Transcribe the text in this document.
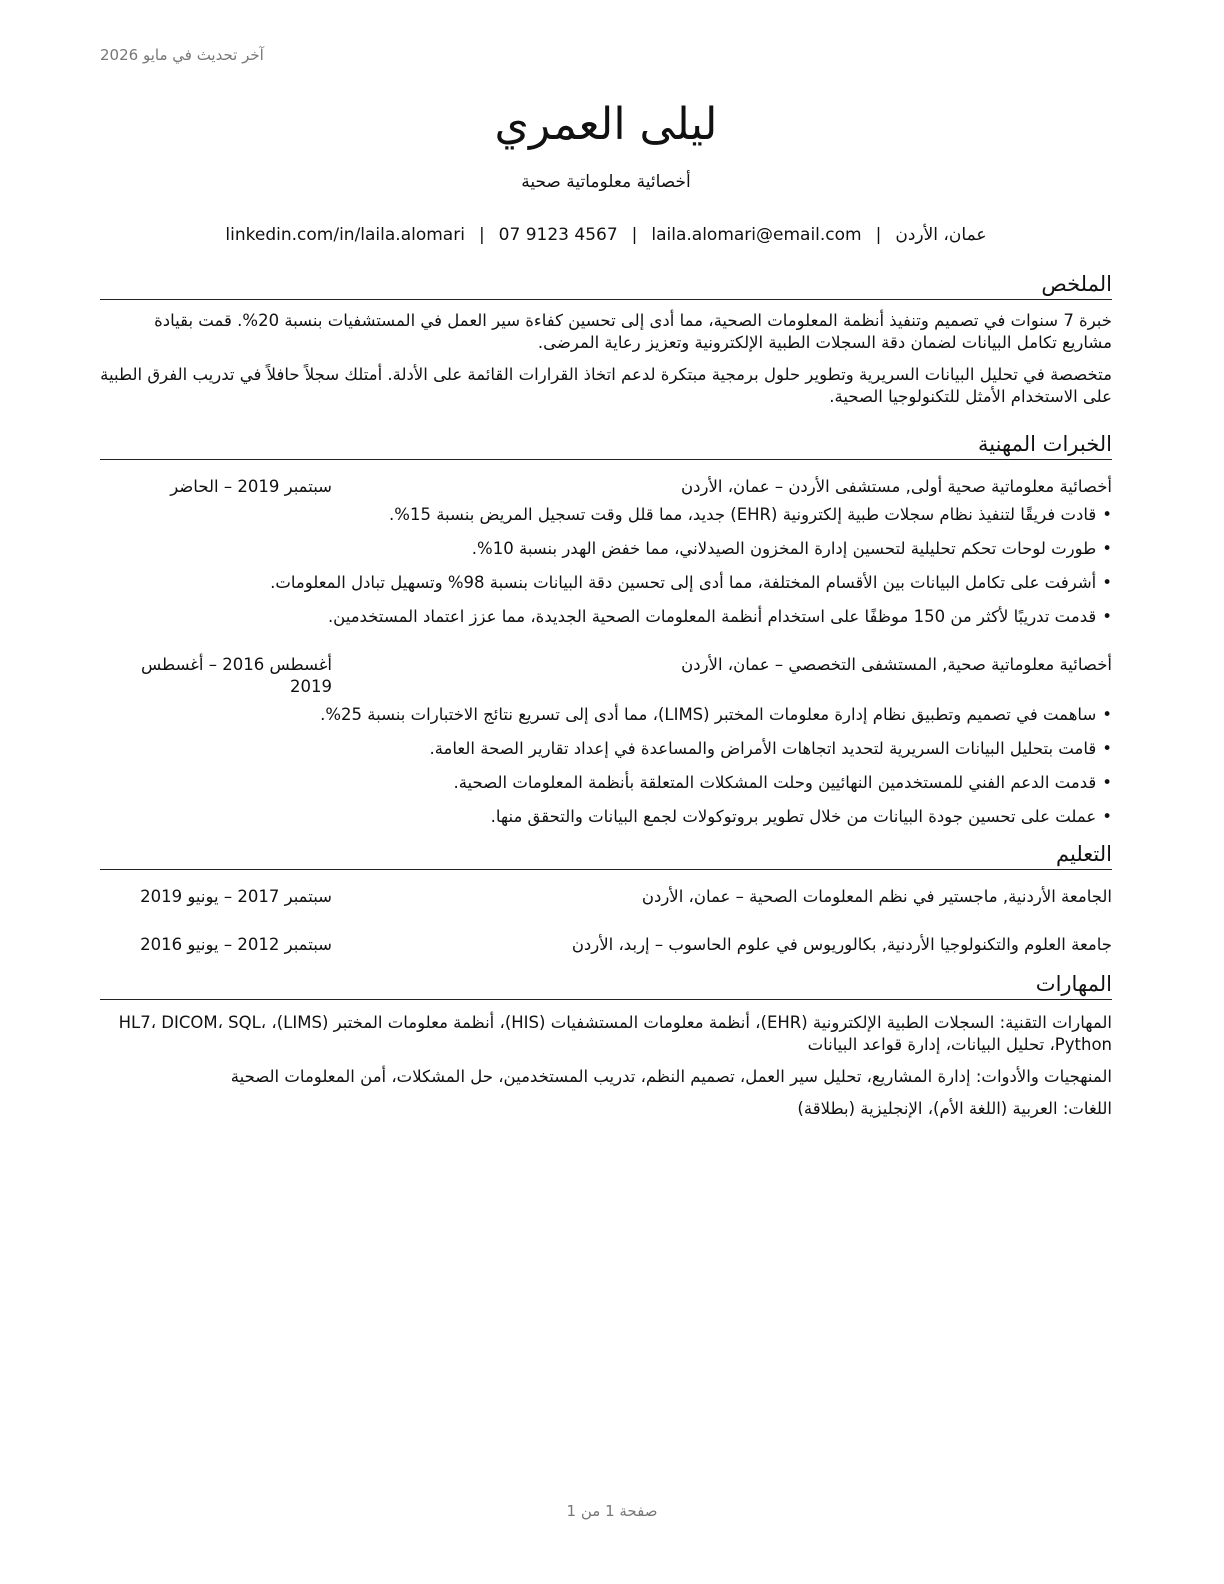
آخر تحديث في مايو 2026
ليلى العمري
أخصائية معلوماتية صحية
عمان، الأردن|laila.alomari@email.com|07 9123 4567|linkedin.com/in/laila.alomari
الملخص

خبرة 7 سنوات في تصميم وتنفيذ أنظمة المعلومات الصحية، مما أدى إلى تحسين كفاءة سير العمل في المستشفيات بنسبة 20%. قمت بقيادة مشاريع تكامل البيانات لضمان دقة السجلات الطبية الإلكترونية وتعزيز رعاية المرضى.

متخصصة في تحليل البيانات السريرية وتطوير حلول برمجية مبتكرة لدعم اتخاذ القرارات القائمة على الأدلة. أمتلك سجلاً حافلاً في تدريب الفرق الطبية على الاستخدام الأمثل للتكنولوجيا الصحية.

الخبرات المهنية
أخصائية معلوماتية صحية أولى, مستشفى الأردن – عمان، الأردن
سبتمبر 2019 – الحاضر
•قادت فريقًا لتنفيذ نظام سجلات طبية إلكترونية (EHR) جديد، مما قلل وقت تسجيل المريض بنسبة 15%.
•طورت لوحات تحكم تحليلية لتحسين إدارة المخزون الصيدلاني، مما خفض الهدر بنسبة 10%.
•أشرفت على تكامل البيانات بين الأقسام المختلفة، مما أدى إلى تحسين دقة البيانات بنسبة 98% وتسهيل تبادل المعلومات.
•قدمت تدريبًا لأكثر من 150 موظفًا على استخدام أنظمة المعلومات الصحية الجديدة، مما عزز اعتماد المستخدمين.
أخصائية معلوماتية صحية, المستشفى التخصصي – عمان، الأردن
أغسطس 2016 – أغسطس 2019
•ساهمت في تصميم وتطبيق نظام إدارة معلومات المختبر (LIMS)، مما أدى إلى تسريع نتائج الاختبارات بنسبة 25%.
•قامت بتحليل البيانات السريرية لتحديد اتجاهات الأمراض والمساعدة في إعداد تقارير الصحة العامة.
•قدمت الدعم الفني للمستخدمين النهائيين وحلت المشكلات المتعلقة بأنظمة المعلومات الصحية.
•عملت على تحسين جودة البيانات من خلال تطوير بروتوكولات لجمع البيانات والتحقق منها.
التعليم
الجامعة الأردنية, ماجستير في نظم المعلومات الصحية – عمان، الأردن
سبتمبر 2017 – يونيو 2019
جامعة العلوم والتكنولوجيا الأردنية, بكالوريوس في علوم الحاسوب – إربد، الأردن
سبتمبر 2012 – يونيو 2016
المهارات
المهارات التقنية: السجلات الطبية الإلكترونية (EHR)، أنظمة معلومات المستشفيات (HIS)، أنظمة معلومات المختبر (LIMS)، HL7، DICOM، SQL، Python، تحليل البيانات، إدارة قواعد البيانات
المنهجيات والأدوات: إدارة المشاريع، تحليل سير العمل، تصميم النظم، تدريب المستخدمين، حل المشكلات، أمن المعلومات الصحية
اللغات: العربية (اللغة الأم)، الإنجليزية (بطلاقة)
صفحة 1 من 1
